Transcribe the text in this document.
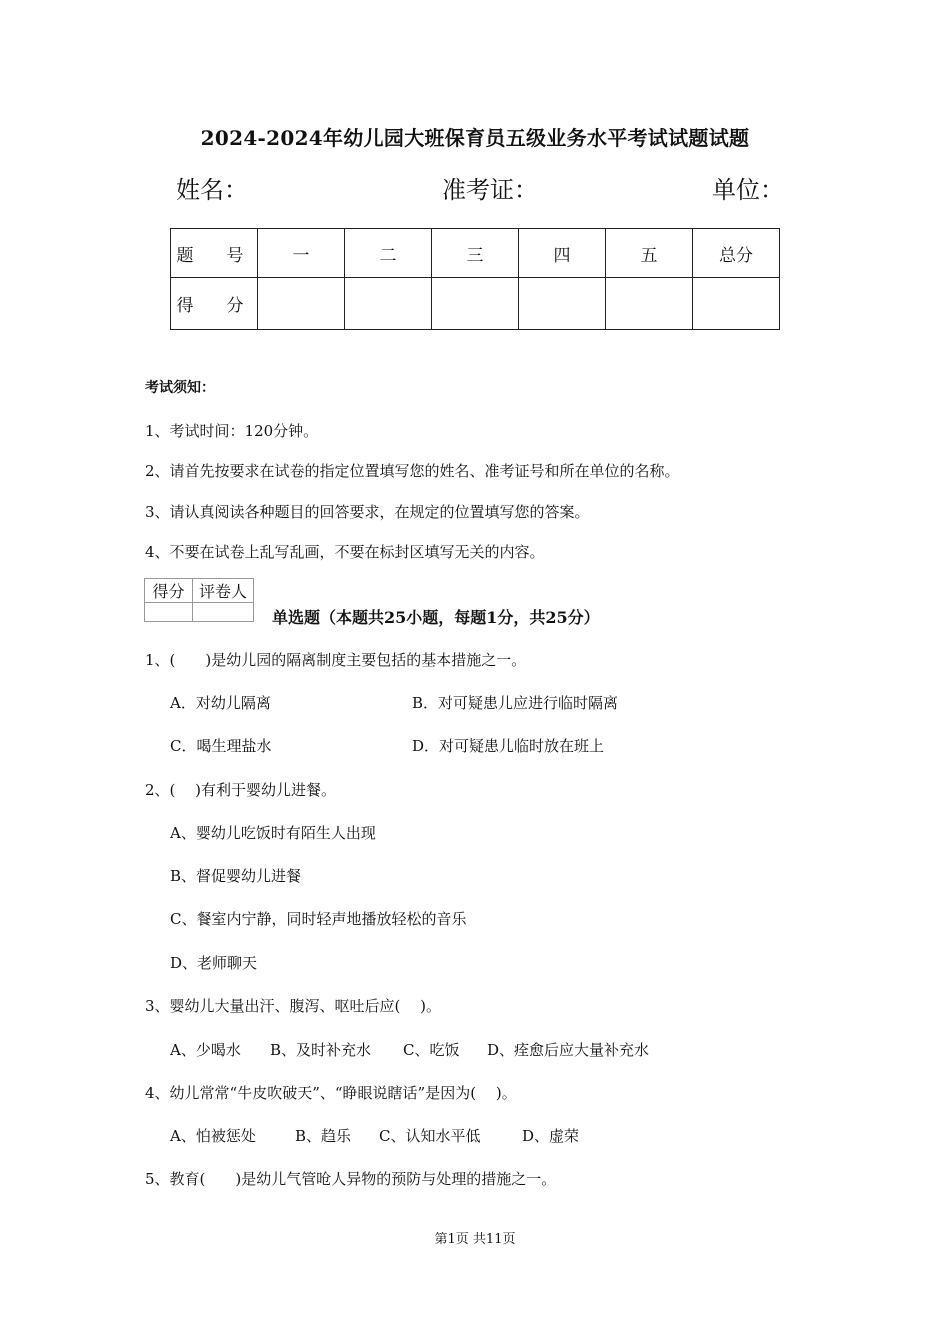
2024-2024年幼儿园大班保育员五级业务水平考试试题试题
姓名：	准考证：	单位：
题　号	一	二	三	四	五	总分
得　分						
考试须知：
1、考试时间：120分钟。
2、请首先按要求在试卷的指定位置填写您的姓名、准考证号和所在单位的名称。
3、请认真阅读各种题目的回答要求，在规定的位置填写您的答案。
4、不要在试卷上乱写乱画，不要在标封区填写无关的内容。
得分	评卷人

单选题（本题共25小题，每题1分，共25分）
1、(　　)是幼儿园的隔离制度主要包括的基本措施之一。
A．对幼儿隔离	B．对可疑患儿应进行临时隔离
C．喝生理盐水	D．对可疑患儿临时放在班上
2、(　 )有利于婴幼儿进餐。
A、婴幼儿吃饭时有陌生人出现
B、督促婴幼儿进餐
C、餐室内宁静，同时轻声地播放轻松的音乐
D、老师聊天
3、婴幼儿大量出汗、腹泻、呕吐后应(　 )。
A、少喝水 B、及时补充水 C、吃饭 D、痊愈后应大量补充水
4、幼儿常常“牛皮吹破天”、“睁眼说瞎话”是因为(　 )。
A、怕被惩处	B、趋乐 C、认知水平低	D、虚荣
5、教育(　　)是幼儿气管呛人异物的预防与处理的措施之一。
第1页 共11页
